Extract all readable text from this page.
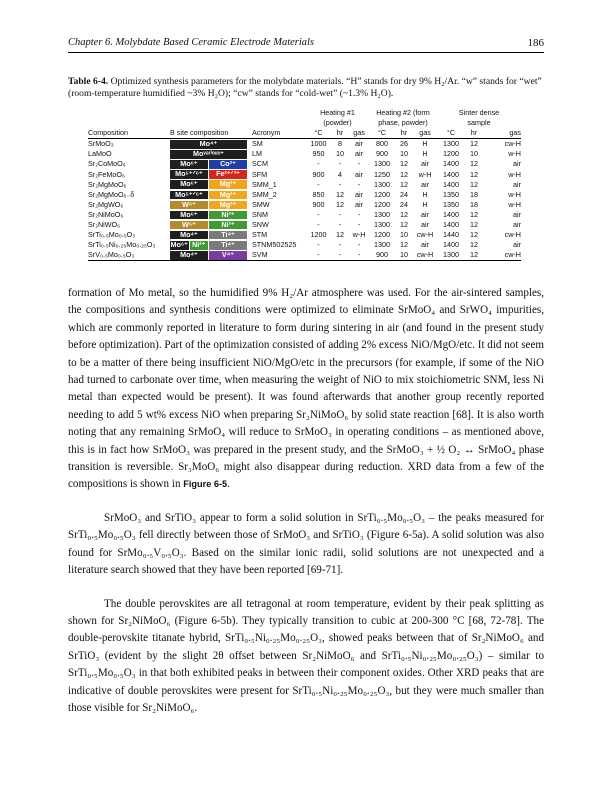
Chapter 6. Molybdate Based Ceramic Electrode Materials	186
Table 6-4. Optimized synthesis parameters for the molybdate materials. “H” stands for dry 9% H₂/Ar. “w” stands for “wet” (room-temperature humidified ~3% H₂O); “cw” stands for “cold-wet” (~1.3% H₂O).
			Heating #1			Heating #2 (form			Sinter dense		
			(powder)			phase, powder)			sample		
Composition	B site composition	Acronym	°C	hr	gas	°C	hr	gas	°C	hr	gas
SrMoO₃	Mo⁴⁺	SM	1000	8	air	800	26	H	1300	12	cw-H
LaMoO	Moᵛᵃʳⁱᵒᵘˢ⁺	LM	950	10	air	900	10	H	1200	10	w-H
Sr₂CoMoO₆	Mo⁶⁺ Co²⁺	SCM	-	-	-	1300	12	air	1400	12	air
Sr₂FeMoO₆	Mo⁵⁺ᐟ⁶⁺ Fe²⁺ᐟ³⁺	SFM	900	4	air	1250	12	w-H	1400	12	w-H
Sr₂MgMoO₆	Mo⁶⁺ Mg²⁺	SMM_1	-	-	-	1300	12	air	1400	12	air
Sr₂MgMoO₆₋δ	Mo⁵⁺ᐟ⁶⁺ Mg²⁺	SMM_2	850	12	air	1200	24	H	1350	18	w-H
Sr₂MgWO₆	W⁶⁺ Mg²⁺	SMW	900	12	air	1200	24	H	1350	18	w-H
Sr₂NiMoO₆	Mo⁶⁺ Ni²⁺	SNM	-	-	-	1300	12	air	1400	12	air
Sr₂NiWO₆	W⁶⁺ Ni²⁺	SNW	-	-	-	1300	12	air	1400	12	air
SrTi₀.₅Mo₀.₅O₃	Mo⁴⁺ Ti⁴⁺	STM	1200	12	w-H	1200	10	cw-H	1440	12	cw-H
SrTi₀.₅Ni₀.₂₅Mo₀.₂₅O₃	Mo⁶⁺ Ni²⁺ Ti⁴⁺	STNM502525	-	-	-	1300	12	air	1400	12	air
SrV₀.₅Mo₀.₅O₃	Mo⁴⁺ V⁴⁺	SVM	-	-	-	900	10	cw-H	1300	12	cw-H

formation of Mo metal, so the humidified 9% H₂/Ar atmosphere was used. For the air-sintered samples, the compositions and synthesis conditions were optimized to eliminate SrMoO₄ and SrWO₄ impurities, which are commonly reported in literature to form during sintering in air (and found in the present study before optimization). Part of the optimization consisted of adding 2% excess NiO/MgO/etc. It did not seem to be a matter of there being insufficient NiO/MgO/etc in the precursors (for example, if some of the NiO had turned to carbonate over time, when measuring the weight of NiO to mix stoichiometric SNM, less Ni metal than expected would be present). It was found afterwards that another group recently reported needing to add 5 wt% excess NiO when preparing Sr₂NiMoO₆ by solid state reaction [68]. It is also worth noting that any remaining SrMoO₄ will reduce to SrMoO₃ in operating conditions – as mentioned above, this is in fact how SrMoO₃ was prepared in the present study, and the SrMoO₃ + ½ O₂ ↔ SrMoO₄ phase transition is reversible. Sr₃MoO₆ might also disappear during reduction. XRD data from a few of the compositions is shown in Figure 6-5.

SrMoO₃ and SrTiO₃ appear to form a solid solution in SrTi₀.₅Mo₀.₅O₃ – the peaks measured for SrTi₀.₅Mo₀.₅O₃ fell directly between those of SrMoO₃ and SrTiO₃ (Figure 6-5a). A solid solution was also found for SrMo₀.₅V₀.₅O₃. Based on the similar ionic radii, solid solutions are not unexpected and a literature search showed that they have been reported [69-71].

The double perovskites are all tetragonal at room temperature, evident by their peak splitting as shown for Sr₂NiMoO₆ (Figure 6-5b). They typically transition to cubic at 200-300 °C [68, 72-78]. The double-perovskite titanate hybrid, SrTi₀.₅Ni₀.₂₅Mo₀.₂₅O₃, showed peaks between that of Sr₂NiMoO₆ and SrTiO₃ (evident by the slight 2θ offset between Sr₂NiMoO₆ and SrTi₀.₅Ni₀.₂₅Mo₀.₂₅O₃) – similar to SrTi₀.₅Mo₀.₅O₃ in that both exhibited peaks in between their component oxides. Other XRD peaks that are indicative of double perovskites were present for SrTi₀.₅Ni₀.₂₅Mo₀.₂₅O₃, but they were much smaller than those visible for Sr₂NiMoO₆.
